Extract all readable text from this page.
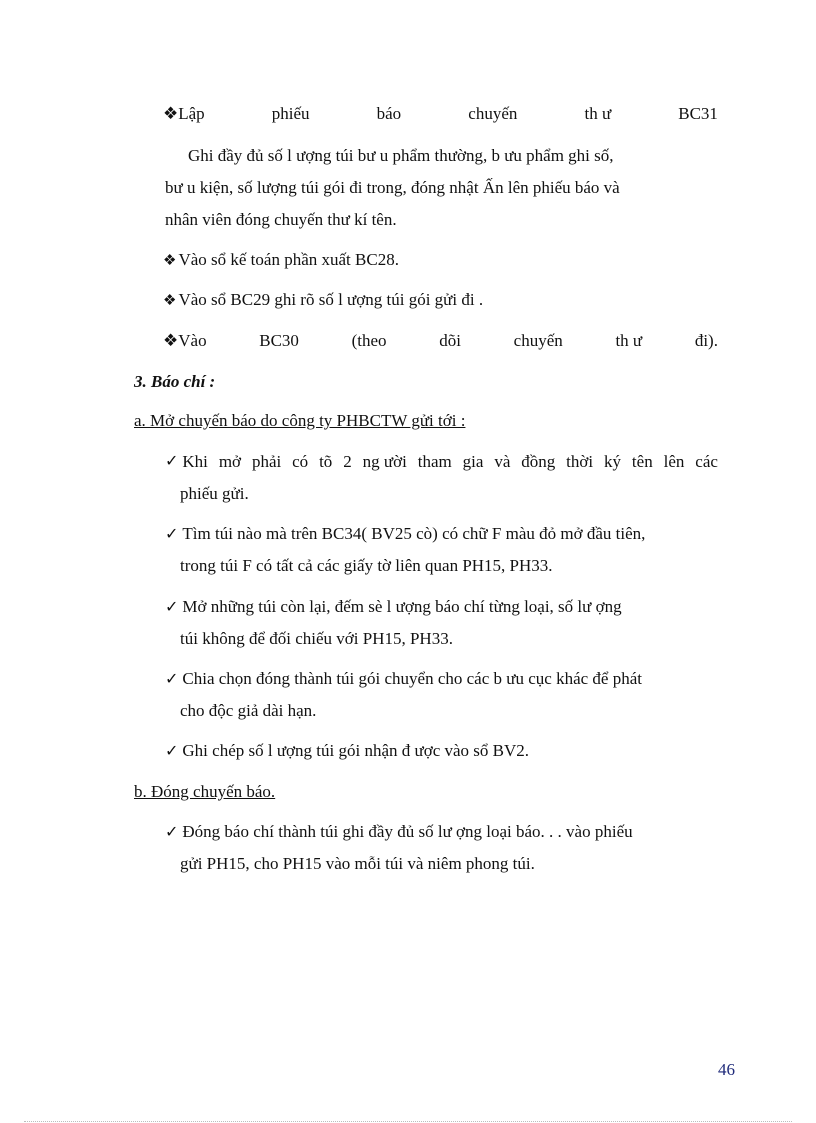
❖Lập	phiếu	báo	chuyến	th ư	BC31
Ghi đầy đủ số l ượng túi bư u phẩm thường, b ưu phẩm ghi số,
bư u kiện, số lượng túi gói đi trong, đóng nhật Ấn lên phiếu báo và
nhân viên đóng chuyến thư kí tên.
❖ Vào sổ kế toán phần xuất BC28.
❖ Vào sổ BC29 ghi rõ số l ượng túi gói gửi đi .
❖Vào	BC30	(theo	dõi	chuyến	th ư	đi).
3. Báo chí :
a. Mở chuyến báo do công ty PHBCTW gửi tới :
✓ Khi mở phải có tõ 2 ng ười tham gia và đồng thời ký tên lên các
phiếu gửi.
✓ Tìm túi nào mà trên BC34( BV25 cò) có chữ F màu đỏ mở đầu tiên,
trong túi F có tất cả các giấy tờ liên quan PH15, PH33.
✓ Mở những túi còn lại, đếm sè l ượng báo chí từng loại, số lư ợng
túi không để đối chiếu với PH15, PH33.
✓ Chia chọn đóng thành túi gói chuyển cho các b ưu cục khác để phát
cho độc giả dài hạn.
✓ Ghi chép số l ượng túi gói nhận đ ược vào sổ BV2.
b. Đóng chuyến báo.
✓ Đóng báo chí thành túi ghi đầy đủ số lư ợng loại báo. . . vào phiếu
gửi PH15, cho PH15 vào mỗi túi và niêm phong túi.
46
